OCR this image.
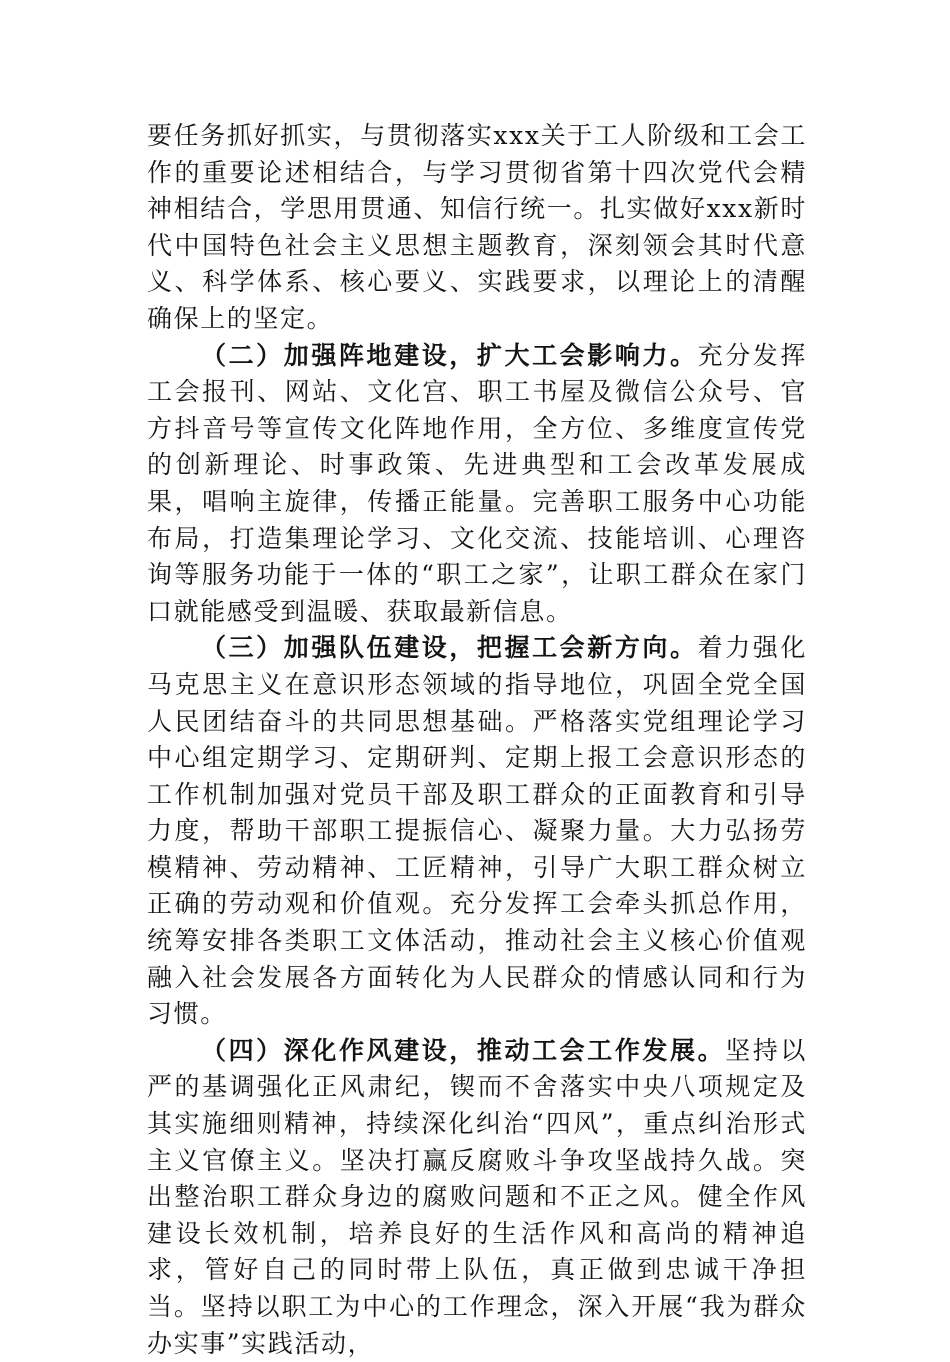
要任务抓好抓实，与贯彻落实xxx关于工人阶级和工会工作的重要论述相结合，与学习贯彻省第十四次党代会精神相结合，学思用贯通、知信行统一。扎实做好xxx新时代中国特色社会主义思想主题教育，深刻领会其时代意义、科学体系、核心要义、实践要求，以理论上的清醒确保上的坚定。

（二）加强阵地建设，扩大工会影响力。充分发挥工会报刊、网站、文化宫、职工书屋及微信公众号、官方抖音号等宣传文化阵地作用，全方位、多维度宣传党的创新理论、时事政策、先进典型和工会改革发展成果，唱响主旋律，传播正能量。完善职工服务中心功能布局，打造集理论学习、文化交流、技能培训、心理咨询等服务功能于一体的“职工之家”，让职工群众在家门口就能感受到温暖、获取最新信息。

（三）加强队伍建设，把握工会新方向。着力强化马克思主义在意识形态领域的指导地位，巩固全党全国人民团结奋斗的共同思想基础。严格落实党组理论学习中心组定期学习、定期研判、定期上报工会意识形态的工作机制加强对党员干部及职工群众的正面教育和引导力度，帮助干部职工提振信心、凝聚力量。大力弘扬劳模精神、劳动精神、工匠精神，引导广大职工群众树立正确的劳动观和价值观。充分发挥工会牵头抓总作用，统筹安排各类职工文体活动，推动社会主义核心价值观融入社会发展各方面转化为人民群众的情感认同和行为习惯。

（四）深化作风建设，推动工会工作发展。坚持以严的基调强化正风肃纪，锲而不舍落实中央八项规定及其实施细则精神，持续深化纠治“四风”，重点纠治形式主义官僚主义。坚决打赢反腐败斗争攻坚战持久战。突出整治职工群众身边的腐败问题和不正之风。健全作风建设长效机制，培养良好的生活作风和高尚的精神追求，管好自己的同时带上队伍，真正做到忠诚干净担当。坚持以职工为中心的工作理念，深入开展“我为群众办实事”实践活动，
